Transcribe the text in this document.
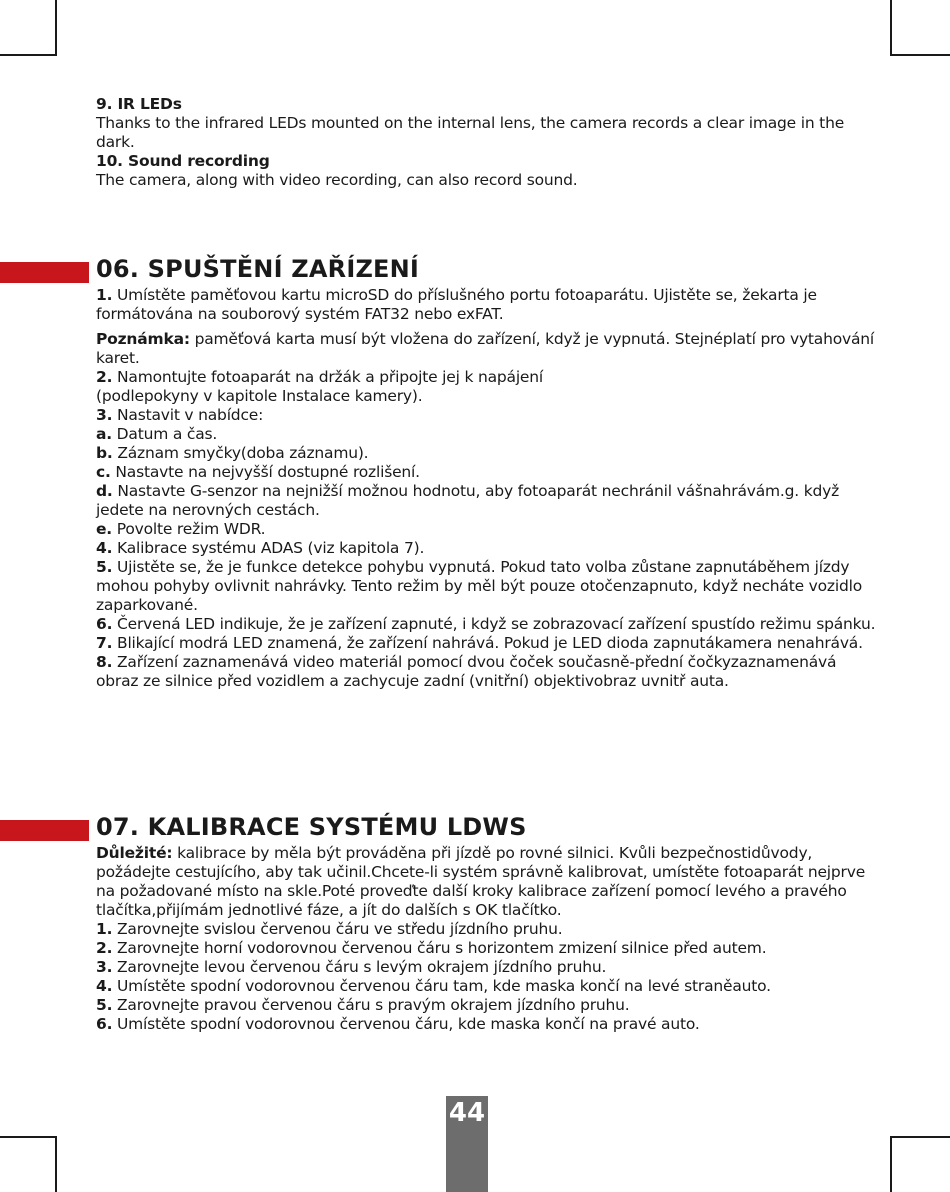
9. IR LEDs

Thanks to the infrared LEDs mounted on the internal lens, the camera records a clear image in the dark.

10. Sound recording

The camera, along with video recording, can also record sound.

06. SPUŠTĚNÍ ZAŘÍZENÍ

1. Umístěte paměťovou kartu microSD do příslušného portu fotoaparátu. Ujistěte se, žekarta je formátována na souborový systém FAT32 nebo exFAT.

Poznámka: paměťová karta musí být vložena do zařízení, když je vypnutá. Stejnéplatí pro vytahování karet.

2. Namontujte fotoaparát na držák a připojte jej k napájení
(podlepokyny v kapitole Instalace kamery).

3. Nastavit v nabídce:

a. Datum a čas.

b. Záznam smyčky(doba záznamu).

c. Nastavte na nejvyšší dostupné rozlišení.

d. Nastavte G-senzor na nejnižší možnou hodnotu, aby fotoaparát nechránil vášnahrávám.g. když jedete na nerovných cestách.

e. Povolte režim WDR.

4. Kalibrace systému ADAS (viz kapitola 7).

5. Ujistěte se, že je funkce detekce pohybu vypnutá. Pokud tato volba zůstane zapnutáběhem jízdy mohou pohyby ovlivnit nahrávky. Tento režim by měl být pouze otočenzapnuto, když necháte vozidlo zaparkované.

6. Červená LED indikuje, že je zařízení zapnuté, i když se zobrazovací zařízení spustído režimu spánku.

7. Blikající modrá LED znamená, že zařízení nahrává. Pokud je LED dioda zapnutákamera nenahrává.

8. Zařízení zaznamenává video materiál pomocí dvou čoček současně-přední čočkyzaznamenává obraz ze silnice před vozidlem a zachycuje zadní (vnitřní) objektivobraz uvnitř auta.

07. KALIBRACE SYSTÉMU LDWS

Důležité: kalibrace by měla být prováděna při jízdě po rovné silnici. Kvůli bezpečnostidůvody, požádejte cestujícího, aby tak učinil.Chcete-li systém správně kalibrovat, umístěte fotoaparát nejprve na požadované místo na skle.Poté proveďte další kroky kalibrace zařízení pomocí levého a pravého tlačítka,přijímám jednotlivé fáze, a jít do dalších s OK tlačítko.

1. Zarovnejte svislou červenou čáru ve středu jízdního pruhu.

2. Zarovnejte horní vodorovnou červenou čáru s horizontem zmizení silnice před autem.

3. Zarovnejte levou červenou čáru s levým okrajem jízdního pruhu.

4. Umístěte spodní vodorovnou červenou čáru tam, kde maska končí na levé straněauto.

5. Zarovnejte pravou červenou čáru s pravým okrajem jízdního pruhu.

6. Umístěte spodní vodorovnou červenou čáru, kde maska končí na pravé auto.

44
